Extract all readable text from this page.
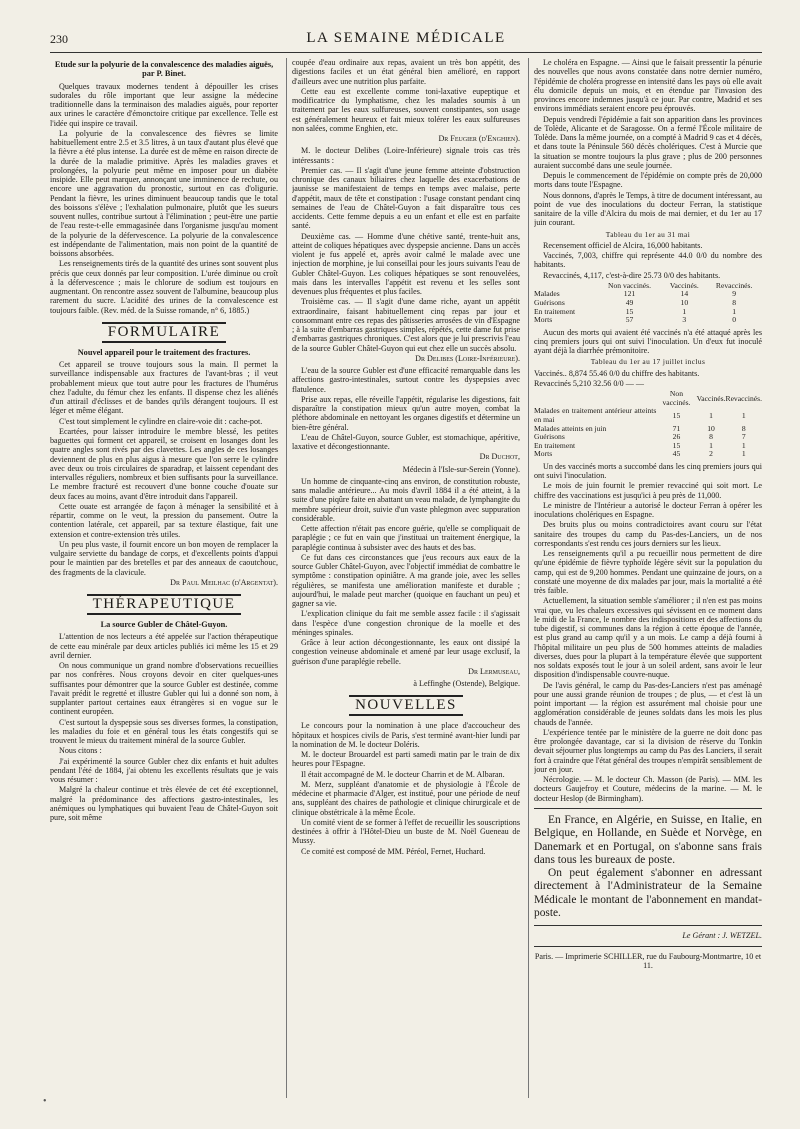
230	LA SEMAINE MÉDICALE
Etude sur la polyurie de la convalescence des maladies aiguës, par P. Binet.

Quelques travaux modernes tendent à dépouiller les crises sudorales du rôle important que leur assigne la médecine traditionnelle dans la terminaison des maladies aiguës, pour reporter aux urines le caractère d'émonctoire critique par excellence. Telle est l'idée qui inspire ce travail.

La polyurie de la convalescence des fièvres se limite habituellement entre 2.5 et 3.5 litres, à un taux d'autant plus élevé que la fièvre a été plus intense. La durée est de même en raison directe de la durée de la maladie primitive. Après les maladies graves et prolongées, la polyurie peut même en imposer pour un diabète insipide. Elle peut marquer, annonçant une imminence de rechute, ou encore une aggravation du pronostic, surtout en cas d'oligurie. Pendant la fièvre, les urines diminuent beaucoup tandis que le total des boissons s'élève ; l'exhalation pulmonaire, plutôt que les sueurs souvent nulles, contribue surtout à l'élimination ; peut-être une partie de l'eau reste-t-elle emmagasinée dans l'organisme jusqu'au moment de la polyurie de la défervescence. La polyurie de la convalescence est indépendante de l'alimentation, mais non point de la quantité de boissons absorbées.

Les renseignements tirés de la quantité des urines sont souvent plus précis que ceux donnés par leur composition. L'urée diminue ou croît à la défervescence ; mais le chlorure de sodium est toujours en augmentant. On rencontre assez souvent de l'albumine, beaucoup plus rarement du sucre. L'acidité des urines de la convalescence est toujours faible. (Rev. méd. de la Suisse romande, n° 6, 1885.)

FORMULAIRE
Nouvel appareil pour le traitement des fractures.

Cet appareil se trouve toujours sous la main. Il permet la surveillance indispensable aux fractures de l'avant-bras ; il veut probablement mieux que tout autre pour les fractures de l'humérus chez l'adulte, du fémur chez les enfants. Il dispense chez les aliénés d'un attirail d'éclisses et de bandes qu'ils dérangent toujours. Il est léger et même élégant.

C'est tout simplement le cylindre en claire-voie dit : cache-pot.

Ecartées, pour laisser introduire le membre blessé, les petites baguettes qui forment cet appareil, se croisent en losanges dont les quatre angles sont rivés par des clavettes. Les angles de ces losanges deviennent de plus en plus aigus à mesure que l'on serre le cylindre avec deux ou trois circulaires de sparadrap, et laissent cependant des intervalles réguliers, nombreux et bien suffisants pour la surveillance. Le membre fracturé est recouvert d'une bonne couche d'ouate sur deux faces au moins, avant d'être introduit dans l'appareil.

Cette ouate est arrangée de façon à ménager la sensibilité et à répartir, comme on le veut, la pression du pansement. Outre la contention latérale, cet appareil, par sa texture élastique, fait une extension et contre-extension très utiles.

Un peu plus vaste, il fournit encore un bon moyen de remplacer la vulgaire serviette du bandage de corps, et d'excellents points d'appui pour le maintien par des bretelles et par des anneaux de caoutchouc, des fragments de la clavicule.

Dr Paul Meilhac (d'Argentat).
THÉRAPEUTIQUE
La source Gubler de Châtel-Guyon.

L'attention de nos lecteurs a été appelée sur l'action thérapeutique de cette eau minérale par deux articles publiés ici même les 15 et 29 avril dernier.

On nous communique un grand nombre d'observations recueillies par nos confrères. Nous croyons devoir en citer quelques-unes suffisantes pour démontrer que la source Gubler est destinée, comme l'avait prédit le regretté et illustre Gubler qui lui a donné son nom, à supplanter partout certaines eaux étrangères si en vogue sur le continent européen.

C'est surtout la dyspepsie sous ses diverses formes, la constipation, les maladies du foie et en général tous les états congestifs qui se trouvent le mieux du traitement minéral de la source Gubler.

Nous citons :

J'ai expérimenté la source Gubler chez dix enfants et huit adultes pendant l'été de 1884, j'ai obtenu les excellents résultats que je vais vous résumer :

Malgré la chaleur continue et très élevée de cet été exceptionnel, malgré la prédominance des affections gastro-intestinales, les anémiques ou lymphatiques qui buvaient l'eau de Châtel-Guyon soit pure, soit même

coupée d'eau ordinaire aux repas, avaient un très bon appétit, des digestions faciles et un état général bien amélioré, en rapport d'ailleurs avec une nutrition plus parfaite.

Cette eau est excellente comme toni-laxative eupeptique et modificatrice du lymphatisme, chez les malades soumis à un traitement par les eaux sulfureuses, souvent constipantes, son usage est généralement heureux et fait mieux tolérer les eaux sulfureuses non salées, comme Enghien, etc.

Dr Feugier (d'Enghien).

M. le docteur Delibes (Loire-Inférieure) signale trois cas très intéressants :

Premier cas. — Il s'agit d'une jeune femme atteinte d'obstruction chronique des canaux biliaires chez laquelle des exacerbations de jaunisse se manifestaient de temps en temps avec malaise, perte d'appétit, maux de tête et constipation : l'usage constant pendant cinq semaines de l'eau de Châtel-Guyon a fait disparaître tous ces accidents. Cette femme depuis a eu un enfant et elle est en parfaite santé.

Deuxième cas. — Homme d'une chétive santé, trente-huit ans, atteint de coliques hépatiques avec dyspepsie ancienne. Dans un accès violent je fus appelé et, après avoir calmé le malade avec une injection de morphine, je lui conseillai pour les jours suivants l'eau de Gubler Châtel-Guyon. Les coliques hépatiques se sont renouvelées, mais dans les intervalles l'appétit est revenu et les selles sont devenues plus fréquentes et plus faciles.

Troisième cas. — Il s'agit d'une dame riche, ayant un appétit extraordinaire, faisant habituellement cinq repas par jour et consommant entre ces repas des pâtisseries arrosées de vin d'Espagne ; à la suite d'embarras gastriques simples, répétés, cette dame fut prise d'embarras gastriques chroniques. C'est alors que je lui prescrivis l'eau de la source Gubler Châtel-Guyon qui eut chez elle un succès absolu.

Dr Delibes (Loire-Inférieure).

L'eau de la source Gubler est d'une efficacité remarquable dans les affections gastro-intestinales, surtout contre les dyspepsies avec flatulence.

Prise aux repas, elle réveille l'appétit, régularise les digestions, fait disparaître la constipation mieux qu'un autre moyen, combat la pléthore abdominale en nettoyant les organes digestifs et détermine un bien-être général.

L'eau de Châtel-Guyon, source Gubler, est stomachique, apéritive, laxative et décongestionnante.

Dr Duchot,
Médecin à l'Isle-sur-Serein (Yonne).

Un homme de cinquante-cinq ans environ, de constitution robuste, sans maladie antérieure... Au mois d'avril 1884 il a été atteint, à la suite d'une piqûre faite en abattant un veau malade, de lymphangite du membre supérieur droit, suivie d'un vaste phlegmon avec suppuration considérable.

Cette affection n'était pas encore guérie, qu'elle se compliquait de paraplégie ; ce fut en vain que j'instituai un traitement énergique, la paraplégie continua à subsister avec des hauts et des bas.

Ce fut dans ces circonstances que j'eus recours aux eaux de la source Gubler Châtel-Guyon, avec l'objectif immédiat de combattre le symptôme : constipation opiniâtre. A ma grande joie, avec les selles régulières, se manifesta une amélioration manifeste et durable ; aujourd'hui, le malade peut marcher (quoique en fauchant un peu) et gagner sa vie.

L'explication clinique du fait me semble assez facile : il s'agissait dans l'espèce d'une congestion chronique de la moelle et des méninges spinales.

Grâce à leur action décongestionnante, les eaux ont dissipé la congestion veineuse abdominale et amené par leur usage exclusif, la guérison d'une paraplégie rebelle.

Dr Lermuseau,
à Leffinghe (Ostende), Belgique.
NOUVELLES

Le concours pour la nomination à une place d'accoucheur des hôpitaux et hospices civils de Paris, s'est terminé avant-hier lundi par la nomination de M. le docteur Doléris.

M. le docteur Brouardel est parti samedi matin par le train de dix heures pour l'Espagne.

Il était accompagné de M. le docteur Charrin et de M. Albaran.

M. Merz, suppléant d'anatomie et de physiologie à l'École de médecine et pharmacie d'Alger, est institué, pour une période de neuf ans, suppléant des chaires de pathologie et clinique chirurgicale et de clinique obstétricale à la même École.

Un comité vient de se former à l'effet de recueillir les souscriptions destinées à offrir à l'Hôtel-Dieu un buste de M. Noël Gueneau de Mussy.

Ce comité est composé de MM. Péréol, Fernet, Huchard.

Le choléra en Espagne. — Ainsi que le faisait pressentir la pénurie des nouvelles que nous avons constatée dans notre dernier numéro, l'épidémie de choléra progresse en intensité dans les pays où elle avait élu domicile depuis un mois, et en étendue par l'invasion des provinces encore indemnes jusqu'à ce jour. Par contre, Madrid et ses environs immédiats seraient encore peu éprouvés.

Depuis vendredi l'épidémie a fait son apparition dans les provinces de Tolède, Alicante et de Saragosse. On a fermé l'École militaire de Tolède. Dans la même journée, on a compté à Madrid 9 cas et 4 décès, et dans toute la Péninsule 560 décès cholériques. C'est à Murcie que la situation se montre toujours la plus grave ; plus de 200 personnes auraient succombé dans une seule journée.

Depuis le commencement de l'épidémie on compte près de 20,000 morts dans toute l'Espagne.

Nous donnons, d'après le Temps, à titre de document intéressant, au point de vue des inoculations du docteur Ferran, la statistique sanitaire de la ville d'Alcira du mois de mai dernier, et du 1er au 17 juin courant.

Tableau du 1er au 31 mai

Recensement officiel de Alcira, 16,000 habitants.

Vaccinés, 7,003, chiffre qui représente 44.0 0/0 du nombre des habitants.

Revaccinés, 4,117, c'est-à-dire 25.73 0/0 des habitants.

	Non vaccinés.	Vaccinés.	Revaccinés.
Malades	121	14	9
Guérisons	49	10	8
En traitement	15	1	1
Morts	57	3	0

Aucun des morts qui avaient été vaccinés n'a été attaqué après les cinq premiers jours qui ont suivi l'inoculation. Un d'eux fut inoculé ayant déjà la diarrhée prémonitoire.

Tableau du 1er au 17 juillet inclus

Vaccinés.. 8,874 55.46 0/0 du chiffre des habitants.

Revaccinés 5,210 32.56 0/0 — —

	Non vaccinés.	Vaccinés.	Revaccinés.
Malades en traitement antérieur atteints en mai	15	1	1
Malades atteints en juin	71	10	8
Guérisons	26	8	7
En traitement	15	1	1
Morts	45	2	1

Un des vaccinés morts a succombé dans les cinq premiers jours qui ont suivi l'inoculation.

Le mois de juin fournit le premier revacciné qui soit mort. Le chiffre des vaccinations est jusqu'ici à peu près de 11,000.

Le ministre de l'Intérieur a autorisé le docteur Ferran à opérer les inoculations cholériques en Espagne.

Des bruits plus ou moins contradictoires avant couru sur l'état sanitaire des troupes du camp du Pas-des-Lanciers, un de nos correspondants s'est rendu ces jours derniers sur les lieux.

Les renseignements qu'il a pu recueillir nous permettent de dire qu'une épidémie de fièvre typhoïde légère sévit sur la population du camp, qui est de 9,200 hommes. Pendant une quinzaine de jours, on a constaté une moyenne de dix malades par jour, mais la mortalité a été très faible.

Actuellement, la situation semble s'améliorer ; il n'en est pas moins vrai que, vu les chaleurs excessives qui sévissent en ce moment dans le midi de la France, le nombre des indispositions et des affections du tube digestif, si communes dans la région à cette époque de l'année, est plus grand au camp qu'il y a un mois. Le camp a déjà fourni à l'hôpital militaire un peu plus de 500 hommes atteints de maladies diverses, dues pour la plupart à la température élevée que supportent nos soldats exposés tout le jour à un soleil ardent, sans avoir le leur disposition d'indispensable couvre-nuque.

De l'avis général, le camp du Pas-des-Lanciers n'est pas aménagé pour une aussi grande réunion de troupes ; de plus, — et c'est là un point important — la région est assurément mal choisie pour une agglomération considérable de jeunes soldats dans les mois les plus chauds de l'année.

L'expérience tentée par le ministère de la guerre ne doit donc pas être prolongée davantage, car si la division de réserve du Tonkin devait séjourner plus longtemps au camp du Pas des Lanciers, il serait fort à craindre que l'état général des troupes n'empirât sensiblement de jour en jour.

Nécrologie. — M. le docteur Ch. Masson (de Paris). — MM. les docteurs Gaujefroy et Couture, médecins de la marine. — M. le docteur Heslop (de Birmingham).

En France, en Algérie, en Suisse, en Italie, en Belgique, en Hollande, en Suède et Norvège, en Danemark et en Portugal, on s'abonne sans frais dans tous les bureaux de poste.

On peut également s'abonner en adressant directement à l'Administrateur de la Semaine Médicale le montant de l'abonnement en mandat-poste.

Le Gérant : J. WETZEL.

Paris. — Imprimerie SCHILLER, rue du Faubourg-Montmartre, 10 et 11.

•
